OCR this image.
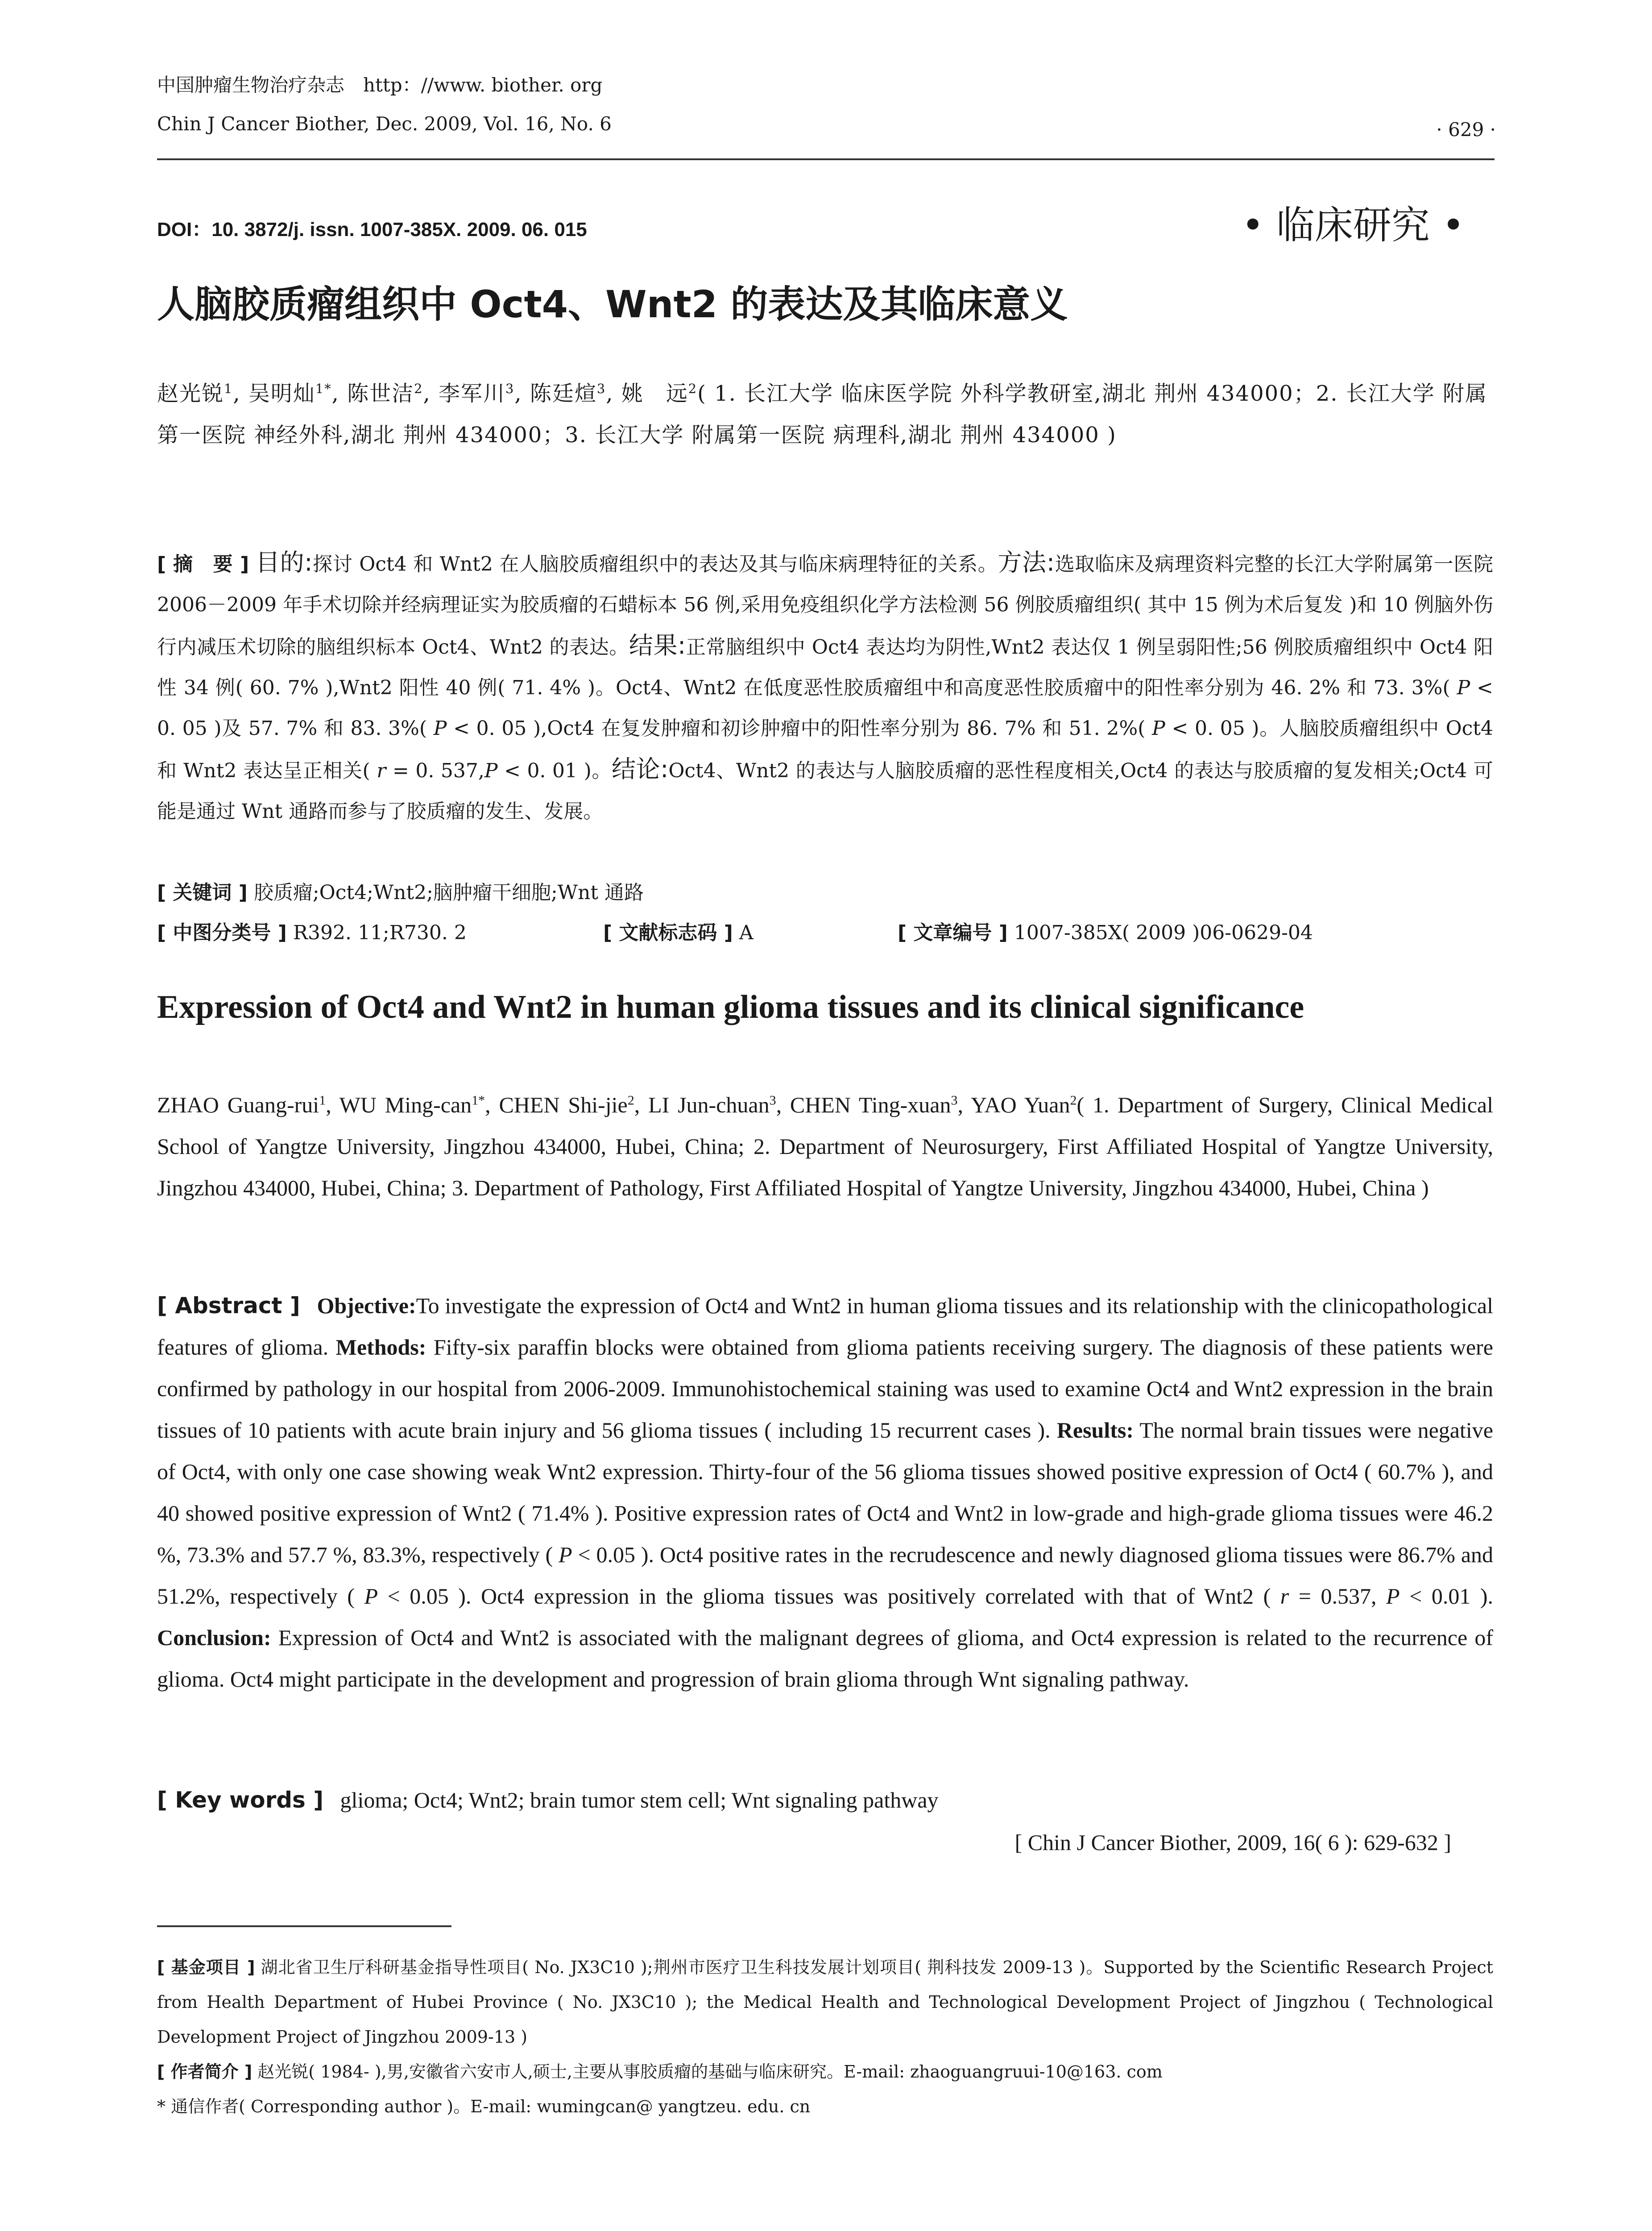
中国肿瘤生物治疗杂志　http：//www. biother. org
Chin J Cancer Biother, Dec. 2009, Vol. 16, No. 6	· 629 ·
DOI：10. 3872/j. issn. 1007-385X. 2009. 06. 015	• 临床研究 •
人脑胶质瘤组织中 Oct4、Wnt2 的表达及其临床意义
赵光锐$^1$, 吴明灿$^{1*}$, 陈世洁$^2$, 李军川$^3$, 陈廷煊$^3$, 姚　远$^2$( 1. 长江大学 临床医学院 外科学教研室,湖北 荆州 434000；2. 长江大学 附属第一医院 神经外科,湖北 荆州 434000；3. 长江大学 附属第一医院 病理科,湖北 荆州 434000 )
[ 摘　要 ] 目的:探讨 Oct4 和 Wnt2 在人脑胶质瘤组织中的表达及其与临床病理特征的关系。方法:选取临床及病理资料完整的长江大学附属第一医院 2006－2009 年手术切除并经病理证实为胶质瘤的石蜡标本 56 例,采用免疫组织化学方法检测 56 例胶质瘤组织( 其中 15 例为术后复发 )和 10 例脑外伤行内减压术切除的脑组织标本 Oct4、Wnt2 的表达。结果:正常脑组织中 Oct4 表达均为阴性,Wnt2 表达仅 1 例呈弱阳性;56 例胶质瘤组织中 Oct4 阳性 34 例( 60. 7% ),Wnt2 阳性 40 例( 71. 4% )。Oct4、Wnt2 在低度恶性胶质瘤组中和高度恶性胶质瘤中的阳性率分别为 46. 2% 和 73. 3%( P < 0. 05 )及 57. 7% 和 83. 3%( P < 0. 05 ),Oct4 在复发肿瘤和初诊肿瘤中的阳性率分别为 86. 7% 和 51. 2%( P < 0. 05 )。人脑胶质瘤组织中 Oct4 和 Wnt2 表达呈正相关( r = 0. 537,P < 0. 01 )。结论:Oct4、Wnt2 的表达与人脑胶质瘤的恶性程度相关,Oct4 的表达与胶质瘤的复发相关;Oct4 可能是通过 Wnt 通路而参与了胶质瘤的发生、发展。
[ 关键词 ] 胶质瘤;Oct4;Wnt2;脑肿瘤干细胞;Wnt 通路
[ 中图分类号 ] R392. 11;R730. 2	[ 文献标志码 ] A	[ 文章编号 ] 1007-385X( 2009 )06-0629-04
Expression of Oct4 and Wnt2 in human glioma tissues and its clinical significance
ZHAO Guang-rui$^1$, WU Ming-can$^{1*}$, CHEN Shi-jie$^2$, LI Jun-chuan$^3$, CHEN Ting-xuan$^3$, YAO Yuan$^2$( 1. Department of Surgery, Clinical Medical School of Yangtze University, Jingzhou 434000, Hubei, China; 2. Department of Neurosurgery, First Affiliated Hospital of Yangtze University, Jingzhou 434000, Hubei, China; 3. Department of Pathology, First Affiliated Hospital of Yangtze University, Jingzhou 434000, Hubei, China )
[ Abstract ] Objective:To investigate the expression of Oct4 and Wnt2 in human glioma tissues and its relationship with the clinicopathological features of glioma. Methods: Fifty-six paraffin blocks were obtained from glioma patients receiving surgery. The diagnosis of these patients were confirmed by pathology in our hospital from 2006-2009. Immunohistochemical staining was used to examine Oct4 and Wnt2 expression in the brain tissues of 10 patients with acute brain injury and 56 glioma tissues ( including 15 recurrent cases ). Results: The normal brain tissues were negative of Oct4, with only one case showing weak Wnt2 expression. Thirty-four of the 56 glioma tissues showed positive expression of Oct4 ( 60.7% ), and 40 showed positive expression of Wnt2 ( 71.4% ). Positive expression rates of Oct4 and Wnt2 in low-grade and high-grade glioma tissues were 46.2 %, 73.3% and 57.7 %, 83.3%, respectively ( P < 0.05 ). Oct4 positive rates in the recrudescence and newly diagnosed glioma tissues were 86.7% and 51.2%, respectively ( P < 0.05 ). Oct4 expression in the glioma tissues was positively correlated with that of Wnt2 ( r = 0.537, P < 0.01 ). Conclusion: Expression of Oct4 and Wnt2 is associated with the malignant degrees of glioma, and Oct4 expression is related to the recurrence of glioma. Oct4 might participate in the development and progression of brain glioma through Wnt signaling pathway.
[ Key words ] glioma; Oct4; Wnt2; brain tumor stem cell; Wnt signaling pathway
[ Chin J Cancer Biother, 2009, 16( 6 ): 629-632 ]
[ 基金项目 ] 湖北省卫生厅科研基金指导性项目( No. JX3C10 );荆州市医疗卫生科技发展计划项目( 荆科技发 2009-13 )。Supported by the Scientific Research Project from Health Department of Hubei Province ( No. JX3C10 ); the Medical Health and Technological Development Project of Jingzhou ( Technological Development Project of Jingzhou 2009-13 )
[ 作者简介 ] 赵光锐( 1984- ),男,安徽省六安市人,硕士,主要从事胶质瘤的基础与临床研究。E-mail: zhaoguangruui-10@163. com
* 通信作者( Corresponding author )。E-mail: wumingcan@ yangtzeu. edu. cn
